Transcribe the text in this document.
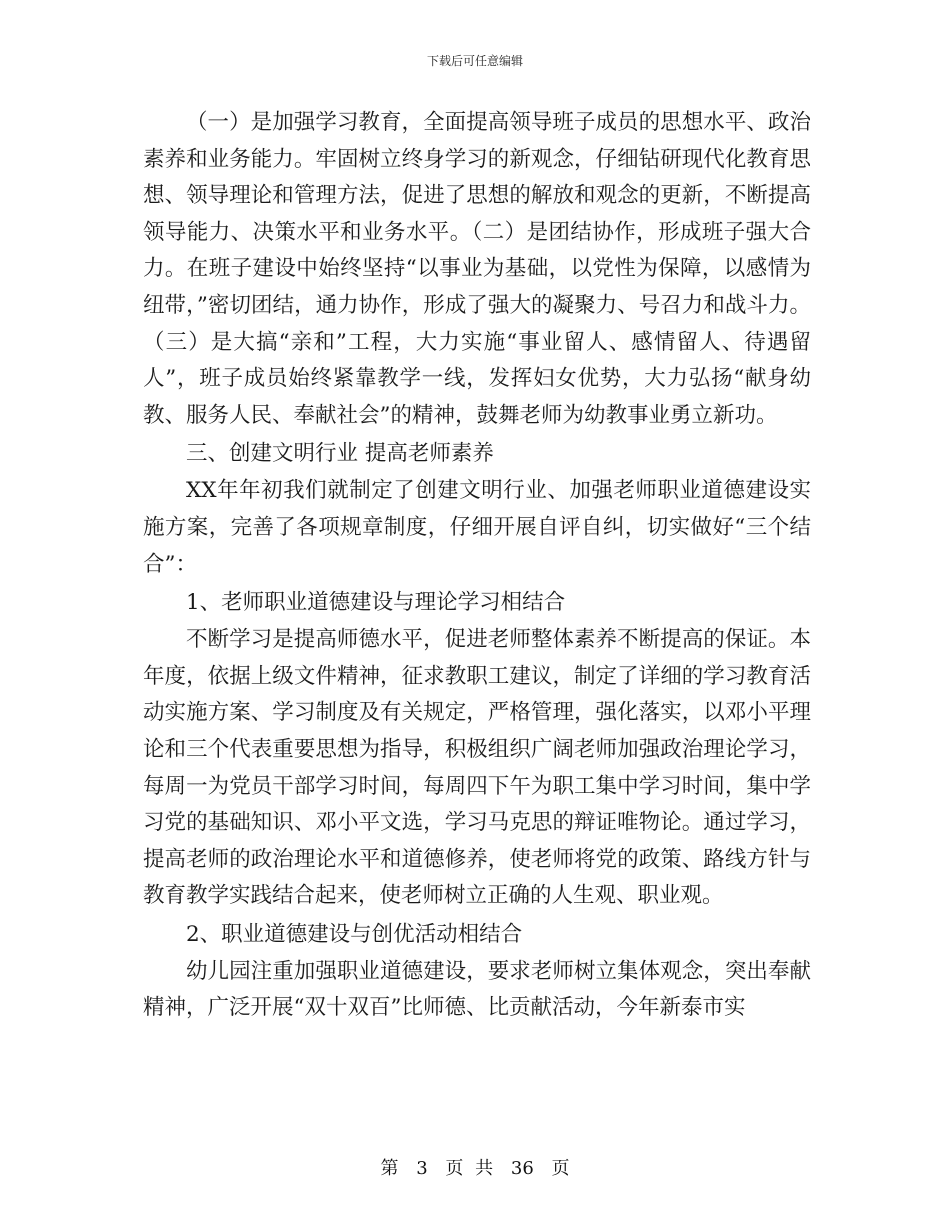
下载后可任意编辑

（一）是加强学习教育，全面提高领导班子成员的思想水平、政治素养和业务能力。牢固树立终身学习的新观念，仔细钻研现代化教育思想、领导理论和管理方法，促进了思想的解放和观念的更新，不断提高领导能力、决策水平和业务水平。（二）是团结协作，形成班子强大合力。在班子建设中始终坚持“以事业为基础，以党性为保障，以感情为纽带，”密切团结，通力协作，形成了强大的凝聚力、号召力和战斗力。（三）是大搞“亲和”工程，大力实施“事业留人、感情留人、待遇留人”，班子成员始终紧靠教学一线，发挥妇女优势，大力弘扬“献身幼教、服务人民、奉献社会”的精神，鼓舞老师为幼教事业勇立新功。

三、创建文明行业 提高老师素养

XX年年初我们就制定了创建文明行业、加强老师职业道德建设实施方案，完善了各项规章制度，仔细开展自评自纠，切实做好“三个结合”：

1、老师职业道德建设与理论学习相结合

不断学习是提高师德水平，促进老师整体素养不断提高的保证。本年度，依据上级文件精神，征求教职工建议，制定了详细的学习教育活动实施方案、学习制度及有关规定，严格管理，强化落实，以邓小平理论和三个代表重要思想为指导，积极组织广阔老师加强政治理论学习，每周一为党员干部学习时间，每周四下午为职工集中学习时间，集中学习党的基础知识、邓小平文选，学习马克思的辩证唯物论。通过学习，提高老师的政治理论水平和道德修养，使老师将党的政策、路线方针与教育教学实践结合起来，使老师树立正确的人生观、职业观。

2、职业道德建设与创优活动相结合

幼儿园注重加强职业道德建设，要求老师树立集体观念，突出奉献精神，广泛开展“双十双百”比师德、比贡献活动，今年新泰市实

第 3 页 共 36 页
